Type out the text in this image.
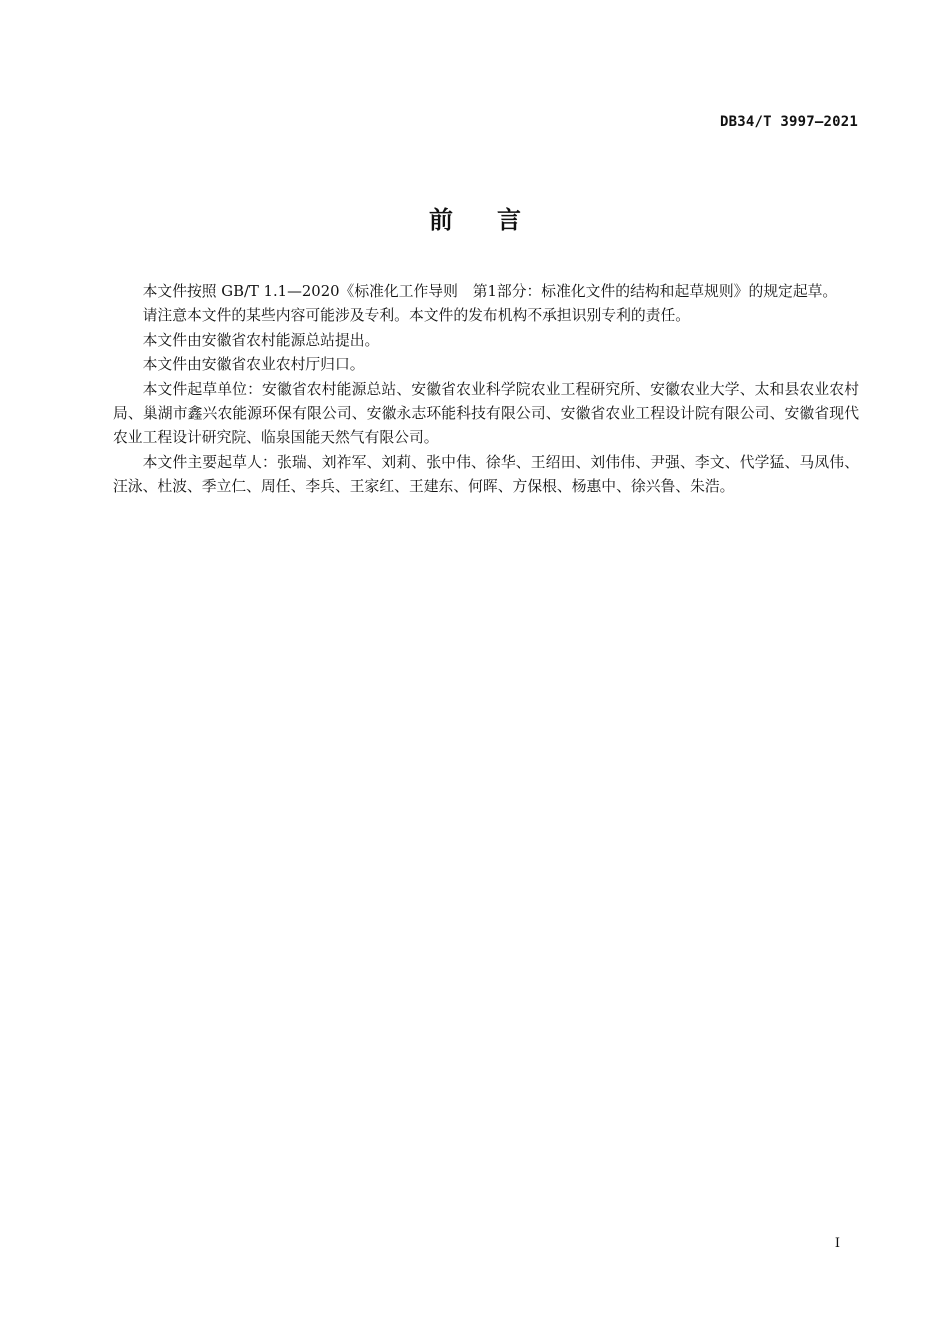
DB34/T 3997—2021
前言

本文件按照 GB/T 1.1—2020《标准化工作导则　第1部分：标准化文件的结构和起草规则》的规定起草。

请注意本文件的某些内容可能涉及专利。本文件的发布机构不承担识别专利的责任。

本文件由安徽省农村能源总站提出。

本文件由安徽省农业农村厅归口。

本文件起草单位：安徽省农村能源总站、安徽省农业科学院农业工程研究所、安徽农业大学、太和县农业农村局、巢湖市鑫兴农能源环保有限公司、安徽永志环能科技有限公司、安徽省农业工程设计院有限公司、安徽省现代农业工程设计研究院、临泉国能天然气有限公司。

本文件主要起草人：张瑞、刘祚军、刘莉、张中伟、徐华、王绍田、刘伟伟、尹强、李文、代学猛、马凤伟、汪泳、杜波、季立仁、周任、李兵、王家红、王建东、何晖、方保根、杨惠中、徐兴鲁、朱浩。

I
